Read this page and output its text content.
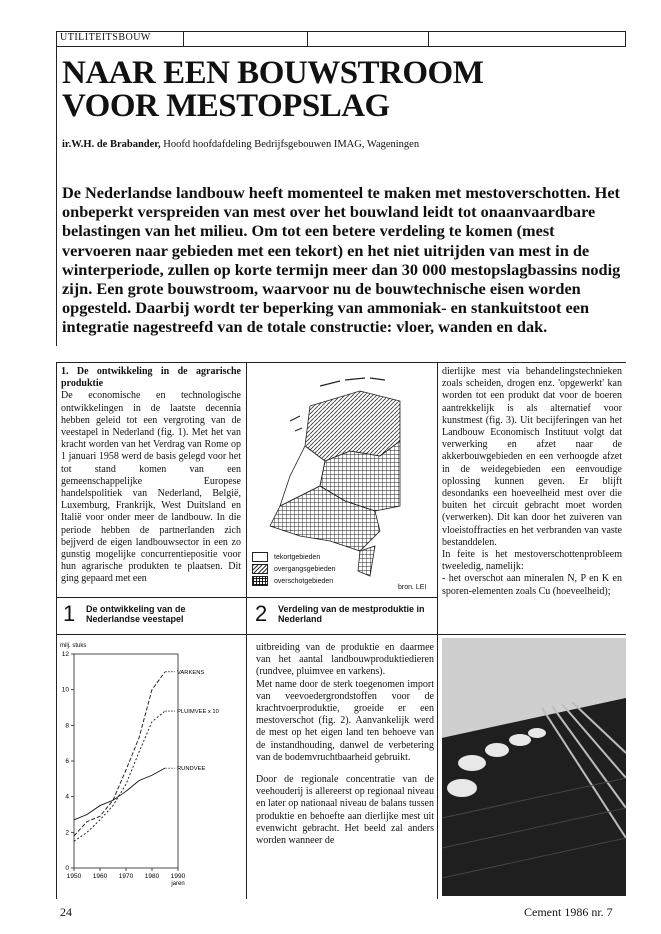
UTILITEITSBOUW
NAAR EEN BOUWSTROOM
VOOR MESTOPSLAG
ir.W.H. de Brabander, Hoofd hoofdafdeling Bedrijfsgebouwen IMAG, Wageningen
De Nederlandse landbouw heeft momenteel te maken met mestoverschotten. Het onbeperkt verspreiden van mest over het bouwland leidt tot onaanvaardbare belastingen van het milieu. Om tot een betere verdeling te komen (mest vervoeren naar gebieden met een tekort) en het niet uitrijden van mest in de winterperiode, zullen op korte termijn meer dan 30 000 mestopslagbassins nodig zijn. Een grote bouwstroom, waarvoor nu de bouwtechnische eisen worden opgesteld. Daarbij wordt ter beperking van ammoniak- en stankuitstoot een integratie nagestreefd van de totale constructie: vloer, wanden en dak.
1. De ontwikkeling in de agrarische produktie
De economische en technologische ontwikkelingen in de laatste decennia hebben geleid tot een vergroting van de veestapel in Nederland (fig. 1). Met het van kracht worden van het Verdrag van Rome op 1 januari 1958 werd de basis gelegd voor het tot stand komen van een gemeenschappelijke Europese handelspolitiek van Nederland, België, Luxemburg, Frankrijk, West Duitsland en Italië voor onder meer de landbouw. In die periode hebben de partnerlanden zich bejjverd de eigen landbouwsector in een zo gunstig mogelijke concurrentiepositie voor hun agrarische produkten te plaatsen. Dit ging gepaard met een
tekortgebieden
overgangsgebieden
overschotgebieden
bron. LEI
dierlijke mest via behandelingstechnieken zoals scheiden, drogen enz. 'opgewerkt' kan worden tot een produkt dat voor de boeren aantrekkelijk is als alternatief voor kunstmest (fig. 3). Uit becijferingen van het Landbouw Economisch Instituut volgt dat verwerking en afzet naar de akkerbouwgebieden en een verhoogde afzet in de weidegebieden een eenvoudige oplossing kunnen geven. Er blijft desondanks een hoeveelheid mest over die buiten het circuit gebracht moet worden (verwerken). Dit kan door het zuiveren van vloeistoffracties en het verbranden van vaste bestanddelen.
In feite is het mestoverschottenprobleem tweeledig, namelijk:
- het overschot aan mineralen N, P en K en sporen-elementen zoals Cu (hoeveelheid);
1 De ontwikkeling van de Nederlandse veestapel	2 Verdeling van de mestproduktie in Nederland
milj. stuks
0
2
4
6
8
10
12
1950 1960 1970 1980 1990
jaren
VARKENS
PLUIMVEE x 10
RUNDVEE
uitbreiding van de produktie en daarmee van het aantal landbouwproduktiedieren (rundvee, pluimvee en varkens).
Met name door de sterk toegenomen import van veevoedergrondstoffen voor de krachtvoerproduktie, groeide er een mestoverschot (fig. 2). Aanvankelijk werd de mest op het eigen land ten behoeve van de instandhouding, danwel de verbetering van de bodemvruchtbaarheid gebruikt.
Door de regionale concentratie van de veehouderij is allereerst op regionaal niveau en later op nationaal niveau de balans tussen produktie en behoefte aan dierlijke mest uit evenwicht gebracht. Het beeld zal anders worden wanneer de
24	Cement 1986 nr. 7
